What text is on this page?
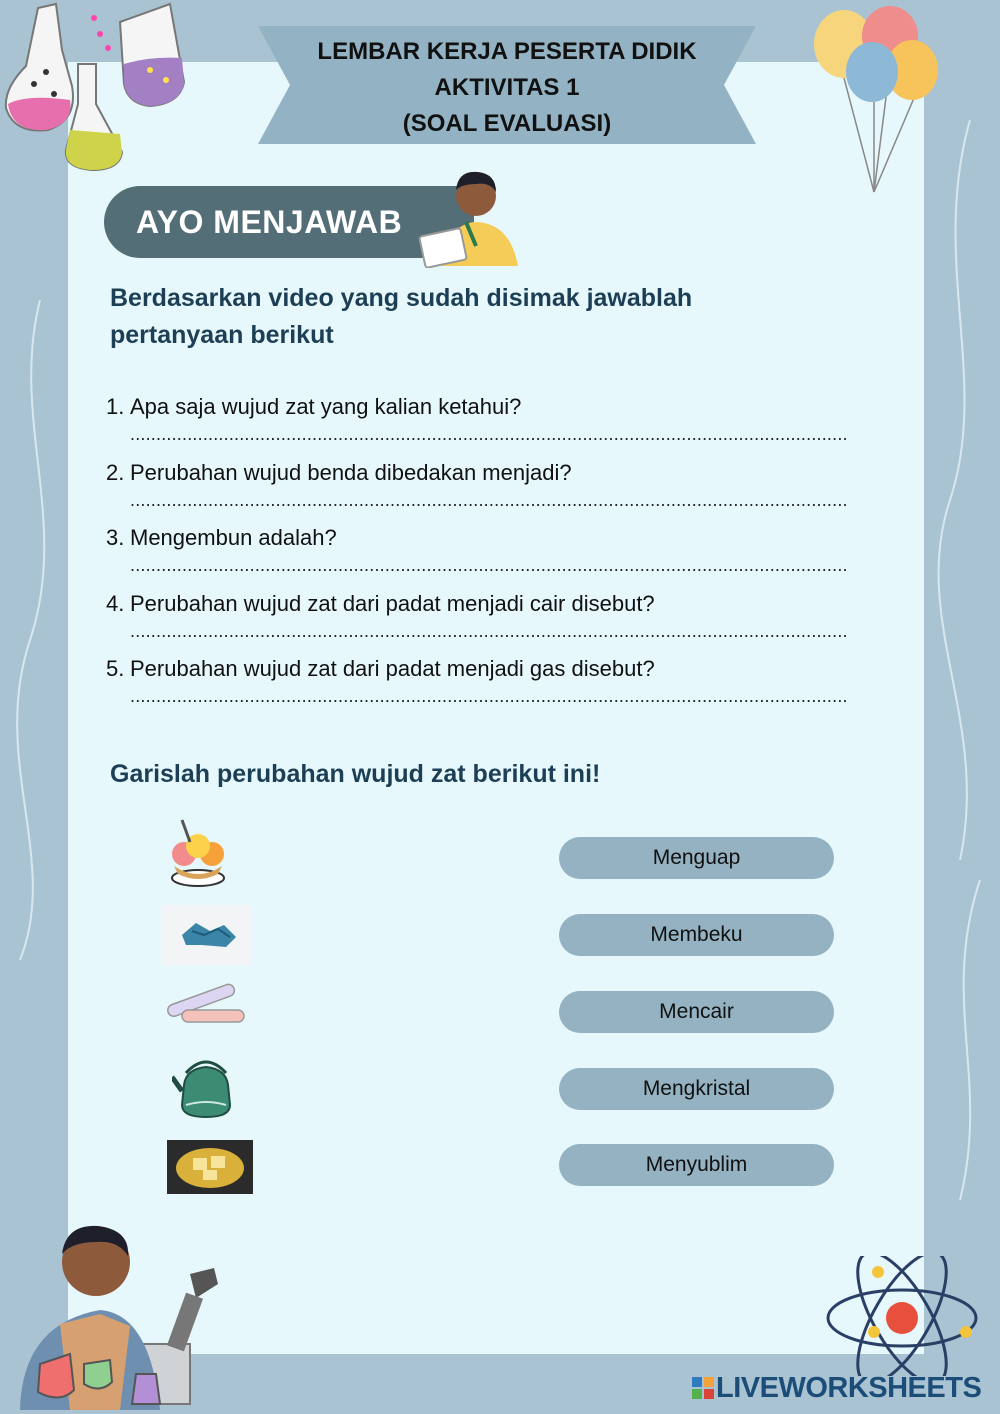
LEMBAR KERJA PESERTA DIDIK
AKTIVITAS 1
(SOAL EVALUASI)
AYO MENJAWAB
Berdasarkan video yang sudah disimak jawablah pertanyaan berikut
1. Apa saja wujud zat yang kalian ketahui?
..........................................................................................................................................
2. Perubahan wujud benda dibedakan menjadi?
..........................................................................................................................................
3. Mengembun adalah?
..........................................................................................................................................
4. Perubahan wujud zat dari padat menjadi cair disebut?
..........................................................................................................................................
5. Perubahan wujud zat dari padat menjadi gas disebut?
..........................................................................................................................................
Garislah perubahan wujud zat berikut ini!
Menguap
Membeku
Mencair
Mengkristal
Menyublim
LIVEWORKSHEETS
